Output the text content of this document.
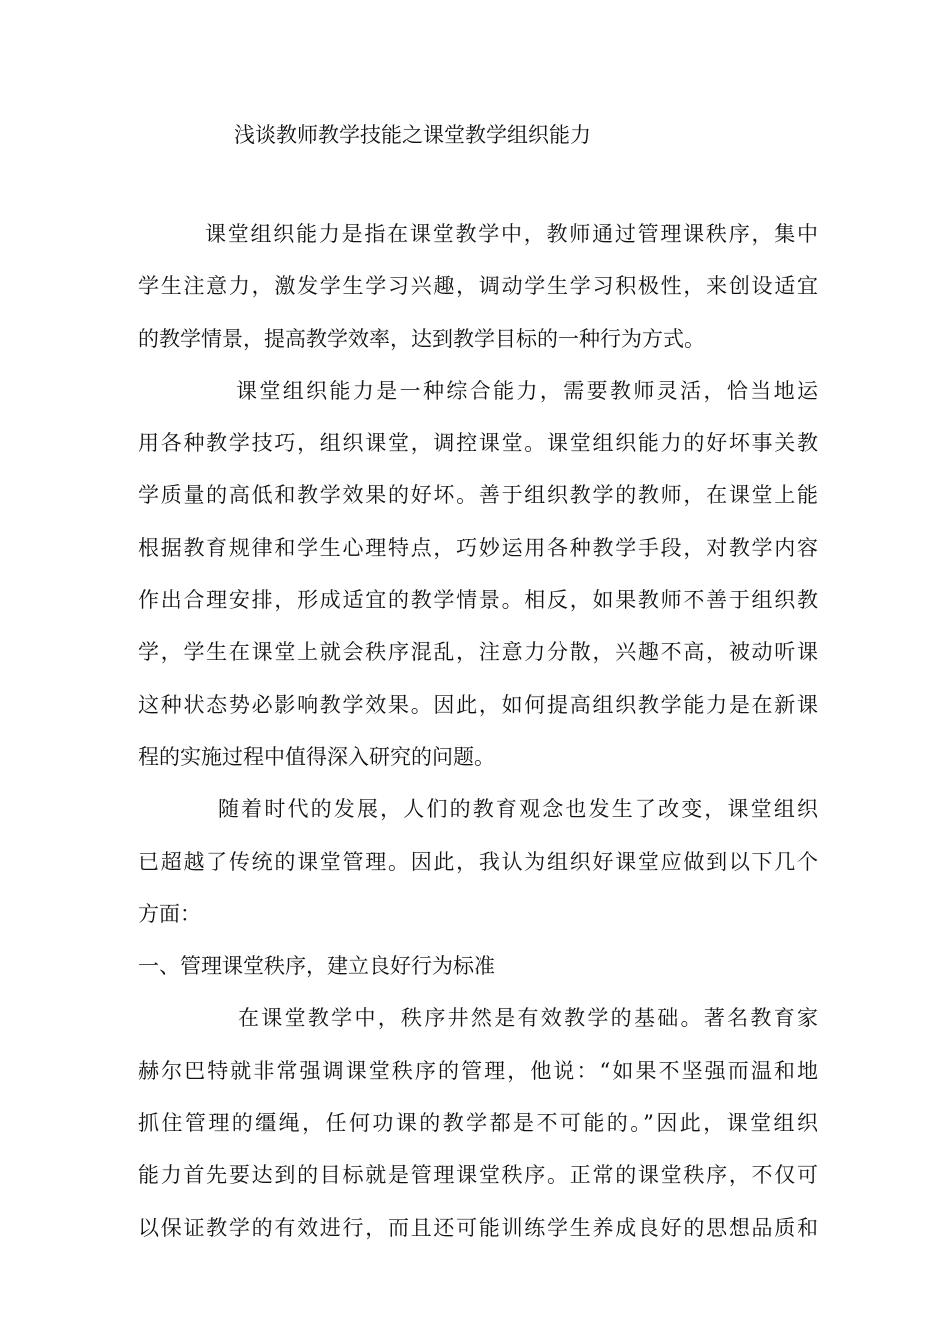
浅谈教师教学技能之课堂教学组织能力
课堂组织能力是指在课堂教学中，教师通过管理课秩序，集中
学生注意力，激发学生学习兴趣，调动学生学习积极性，来创设适宜
的教学情景，提高教学效率，达到教学目标的一种行为方式。
课堂组织能力是一种综合能力，需要教师灵活，恰当地运
用各种教学技巧，组织课堂，调控课堂。课堂组织能力的好坏事关教
学质量的高低和教学效果的好坏。善于组织教学的教师，在课堂上能
根据教育规律和学生心理特点，巧妙运用各种教学手段，对教学内容
作出合理安排，形成适宜的教学情景。相反，如果教师不善于组织教
学，学生在课堂上就会秩序混乱，注意力分散，兴趣不高，被动听课
这种状态势必影响教学效果。因此，如何提高组织教学能力是在新课
程的实施过程中值得深入研究的问题。
随着时代的发展，人们的教育观念也发生了改变，课堂组织
已超越了传统的课堂管理。因此，我认为组织好课堂应做到以下几个
方面：
一、管理课堂秩序，建立良好行为标准
在课堂教学中，秩序井然是有效教学的基础。著名教育家
赫尔巴特就非常强调课堂秩序的管理，他说：“如果不坚强而温和地
抓住管理的缰绳，任何功课的教学都是不可能的。”因此，课堂组织
能力首先要达到的目标就是管理课堂秩序。正常的课堂秩序，不仅可
以保证教学的有效进行，而且还可能训练学生养成良好的思想品质和
